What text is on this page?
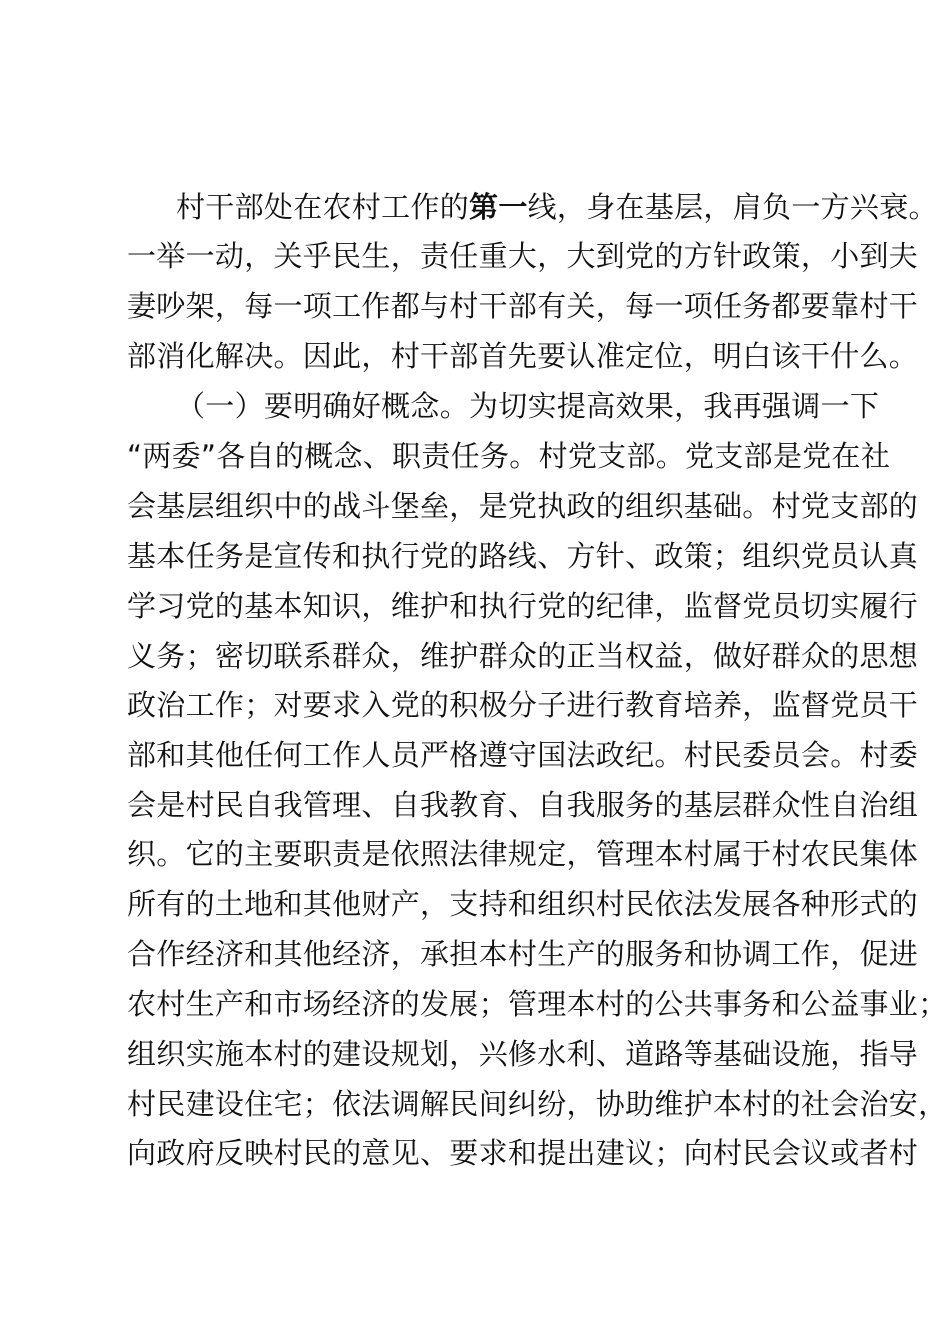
村干部处在农村工作的第一线，身在基层，肩负一方兴衰。
一举一动，关乎民生，责任重大，大到党的方针政策，小到夫
妻吵架，每一项工作都与村干部有关，每一项任务都要靠村干
部消化解决。因此，村干部首先要认准定位，明白该干什么。
（一）要明确好概念。为切实提高效果，我再强调一下
“两委”各自的概念、职责任务。村党支部。党支部是党在社
会基层组织中的战斗堡垒，是党执政的组织基础。村党支部的
基本任务是宣传和执行党的路线、方针、政策；组织党员认真
学习党的基本知识，维护和执行党的纪律，监督党员切实履行
义务；密切联系群众，维护群众的正当权益，做好群众的思想
政治工作；对要求入党的积极分子进行教育培养，监督党员干
部和其他任何工作人员严格遵守国法政纪。村民委员会。村委
会是村民自我管理、自我教育、自我服务的基层群众性自治组
织。它的主要职责是依照法律规定，管理本村属于村农民集体
所有的土地和其他财产，支持和组织村民依法发展各种形式的
合作经济和其他经济，承担本村生产的服务和协调工作，促进
农村生产和市场经济的发展；管理本村的公共事务和公益事业；
组织实施本村的建设规划，兴修水利、道路等基础设施，指导
村民建设住宅；依法调解民间纠纷，协助维护本村的社会治安，
向政府反映村民的意见、要求和提出建议；向村民会议或者村
